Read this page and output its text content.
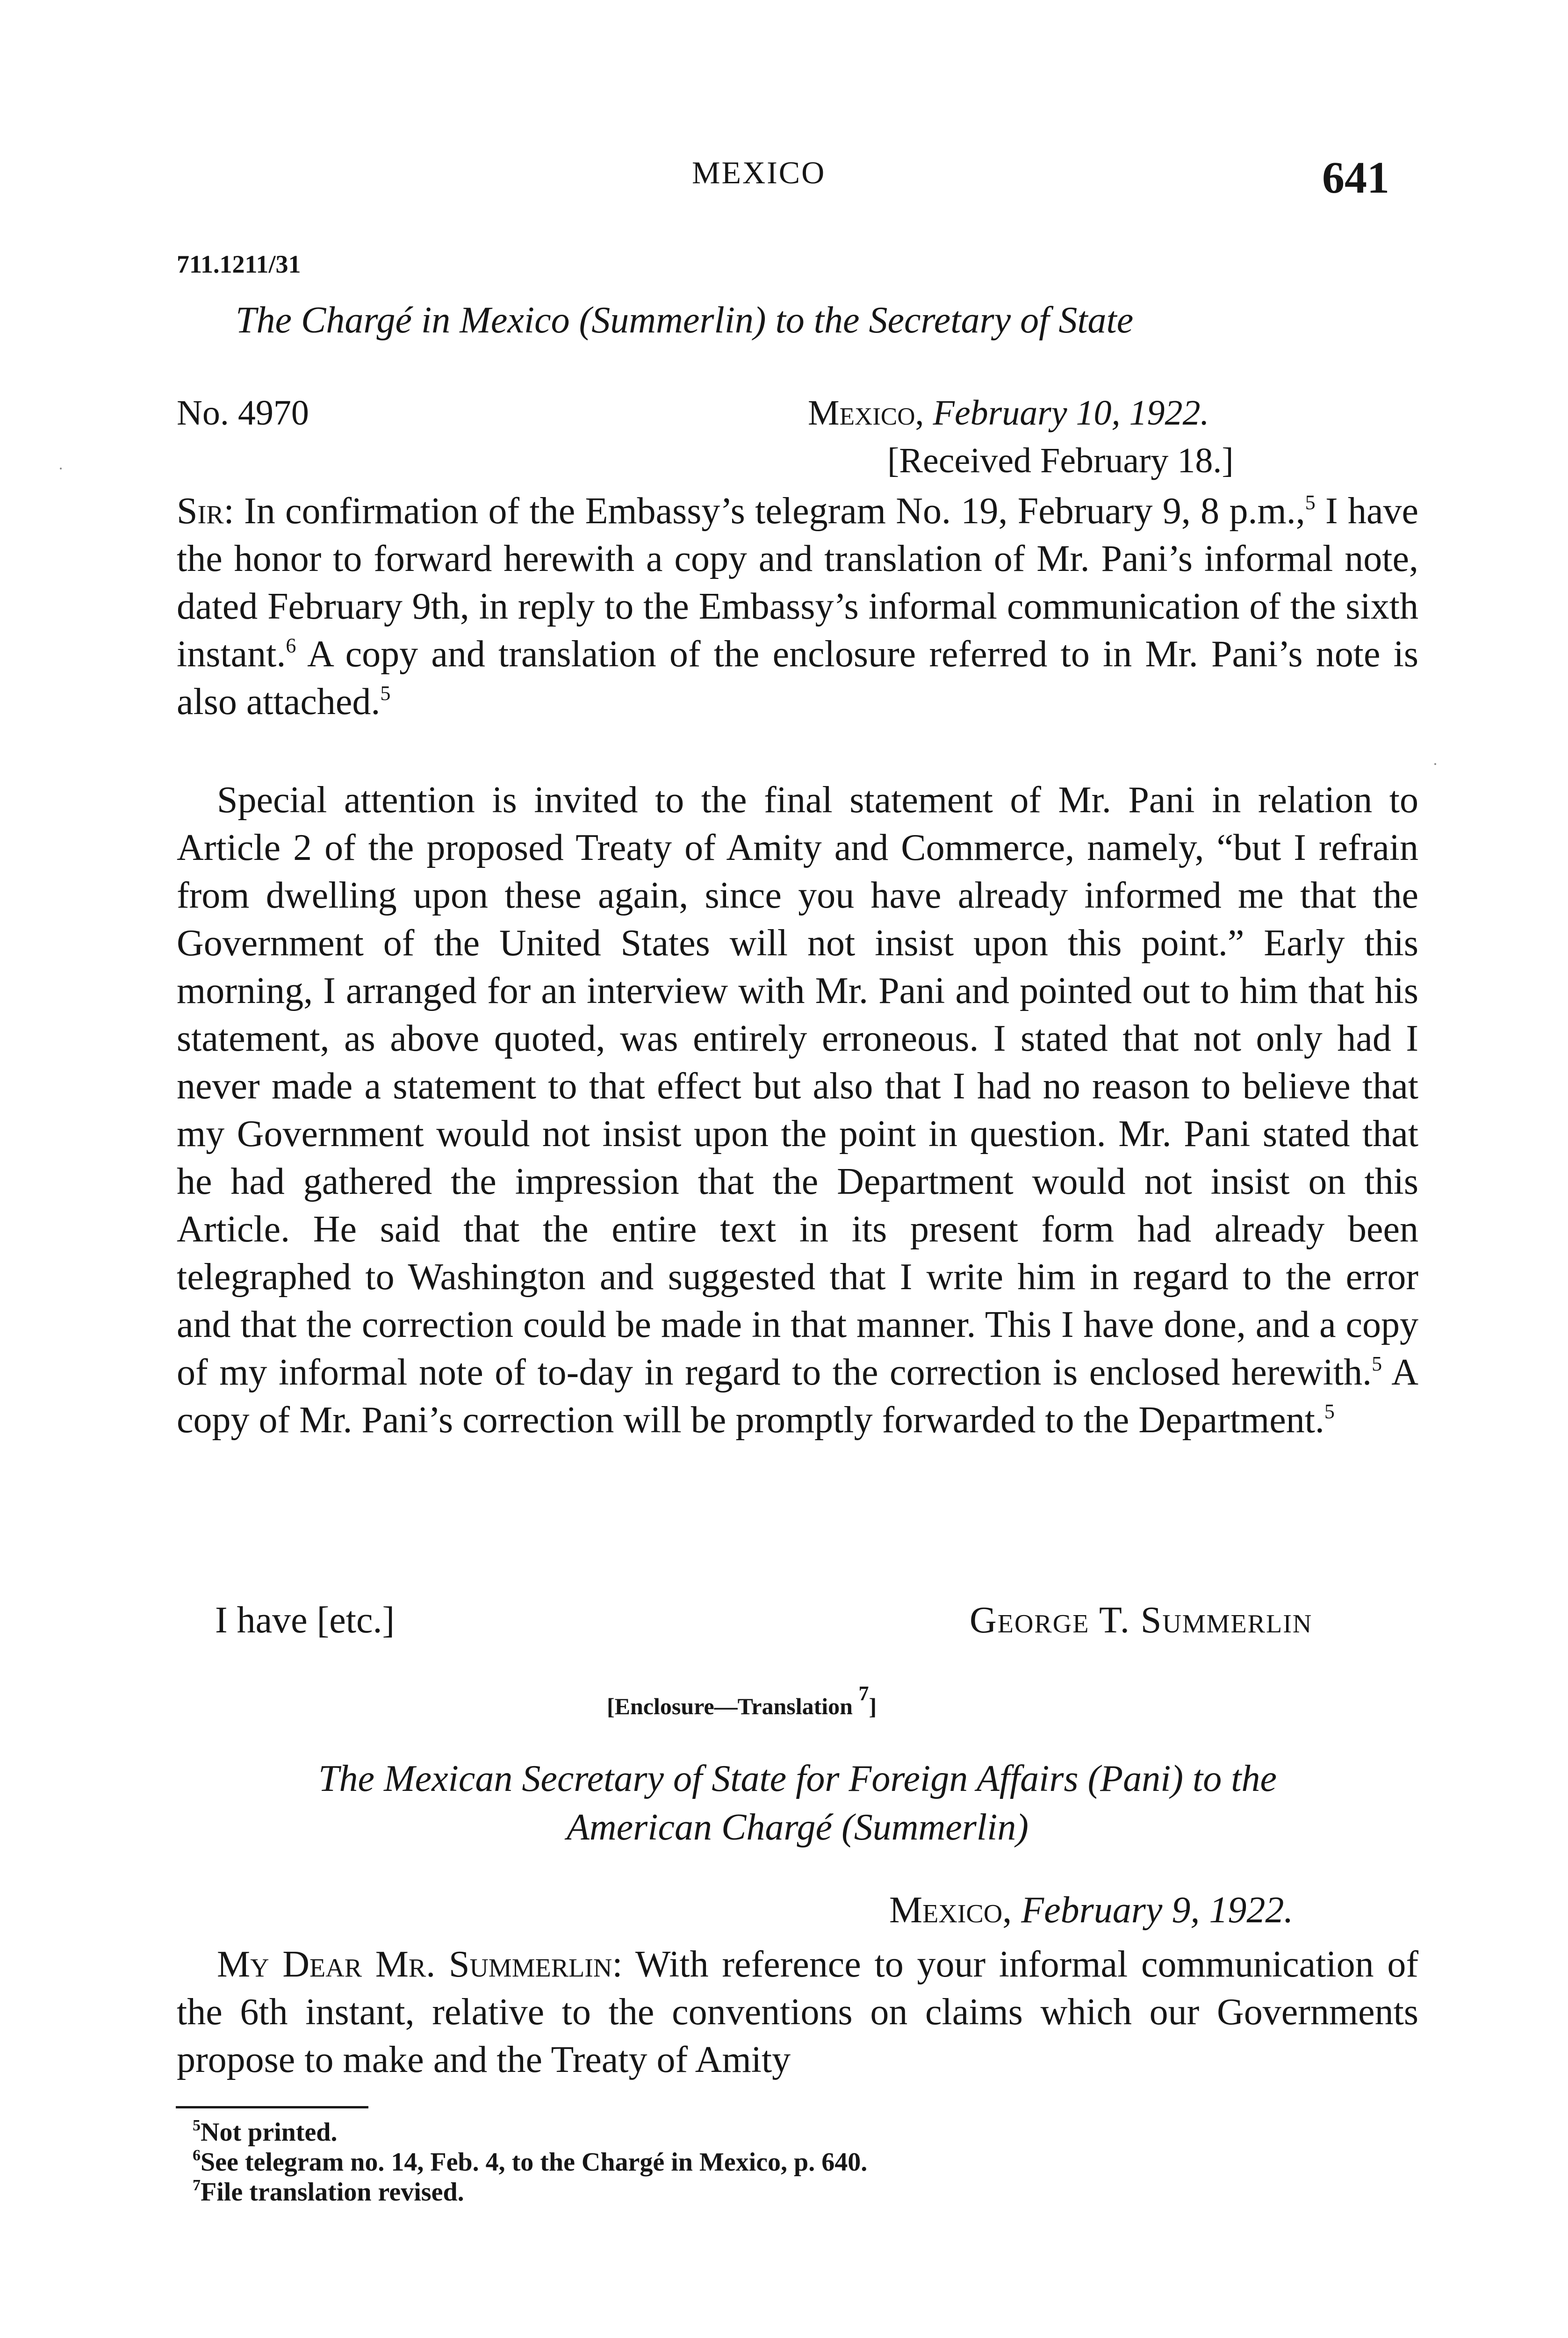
MEXICO	641
711.1211/31
The Chargé in Mexico (Summerlin) to the Secretary of State
No. 4970	Mexico, February 10, 1922.
[Received February 18.]

Sir: In confirmation of the Embassy’s telegram No. 19, February 9, 8 p.m.,$^5$ I have the honor to forward herewith a copy and translation of Mr. Pani’s informal note, dated February 9th, in reply to the Embassy’s informal communication of the sixth instant.$^6$ A copy and translation of the enclosure referred to in Mr. Pani’s note is also attached.$^5$

Special attention is invited to the final statement of Mr. Pani in relation to Article 2 of the proposed Treaty of Amity and Commerce, namely, “but I refrain from dwelling upon these again, since you have already informed me that the Government of the United States will not insist upon this point.” Early this morning, I arranged for an interview with Mr. Pani and pointed out to him that his statement, as above quoted, was entirely erroneous. I stated that not only had I never made a statement to that effect but also that I had no reason to believe that my Government would not insist upon the point in question. Mr. Pani stated that he had gathered the impression that the Department would not insist on this Article. He said that the entire text in its present form had already been telegraphed to Washington and suggested that I write him in regard to the error and that the correction could be made in that manner. This I have done, and a copy of my informal note of to-day in regard to the correction is enclosed herewith.$^5$ A copy of Mr. Pani’s correction will be promptly forwarded to the Department.$^5$

I have [etc.]	George T. Summerlin
[Enclosure—Translation $^7$]
The Mexican Secretary of State for Foreign Affairs (Pani) to the
American Chargé (Summerlin)
Mexico, February 9, 1922.

My Dear Mr. Summerlin: With reference to your informal communication of the 6th instant, relative to the conventions on claims which our Governments propose to make and the Treaty of Amity

$^5$Not printed.

$^6$See telegram no. 14, Feb. 4, to the Chargé in Mexico, p. 640.

$^7$File translation revised.
